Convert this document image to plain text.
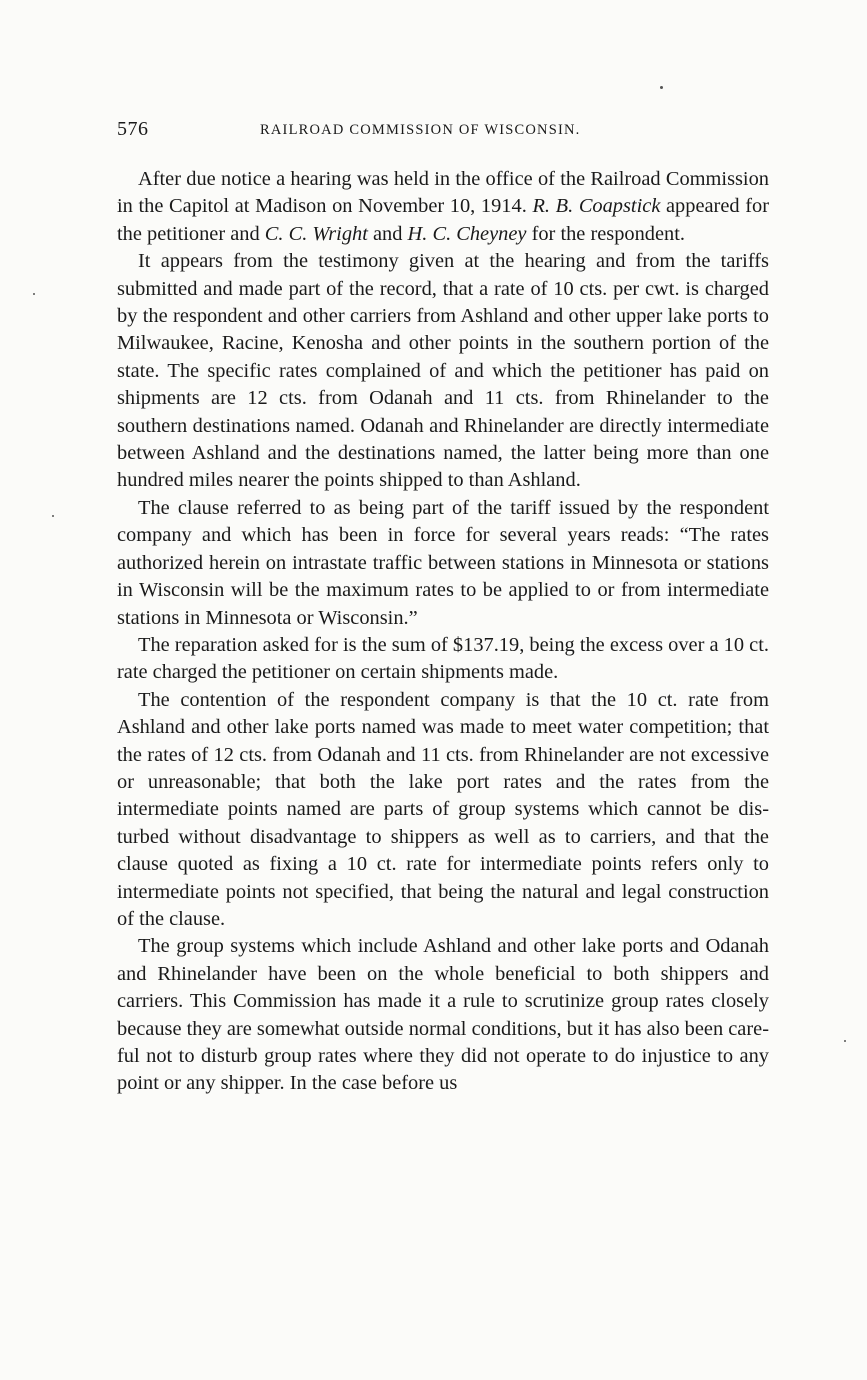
576	RAILROAD COMMISSION OF WISCONSIN.

After due notice a hearing was held in the office of the Railroad Commission in the Capitol at Madison on November 10, 1914. R. B. Coapstick appeared for the petitioner and C. C. Wright and H. C. Cheyney for the respondent.

It appears from the testimony given at the hearing and from the tariffs submitted and made part of the record, that a rate of 10 cts. per cwt. is charged by the respondent and other carriers from Ashland and other upper lake ports to Milwaukee, Racine, Kenosha and other points in the southern portion of the state. The specific rates complained of and which the petitioner has paid on shipments are 12 cts. from Odanah and 11 cts. from Rhinelander to the southern destinations named. Odanah and Rhinelander are directly intermediate between Ashland and the destinations named, the latter being more than one hundred miles nearer the points shipped to than Ashland.

The clause referred to as being part of the tariff issued by the respondent company and which has been in force for several years reads: “The rates authorized herein on intrastate traffic between stations in Minnesota or stations in Wisconsin will be the maximum rates to be applied to or from intermediate stations in Minnesota or Wisconsin.”

The reparation asked for is the sum of $137.19, being the excess over a 10 ct. rate charged the petitioner on certain shipments made.

The contention of the respondent company is that the 10 ct. rate from Ashland and other lake ports named was made to meet water competition; that the rates of 12 cts. from Odanah and 11 cts. from Rhinelander are not excessive or unreasonable; that both the lake port rates and the rates from the intermediate points named are parts of group systems which cannot be disturbed without disadvantage to shippers as well as to carriers, and that the clause quoted as fixing a 10 ct. rate for intermediate points refers only to intermediate points not specified, that being the natural and legal construction of the clause.

The group systems which include Ashland and other lake ports and Odanah and Rhinelander have been on the whole beneficial to both shippers and carriers. This Commission has made it a rule to scrutinize group rates closely because they are somewhat outside normal conditions, but it has also been careful not to disturb group rates where they did not operate to do injustice to any point or any shipper. In the case before us
